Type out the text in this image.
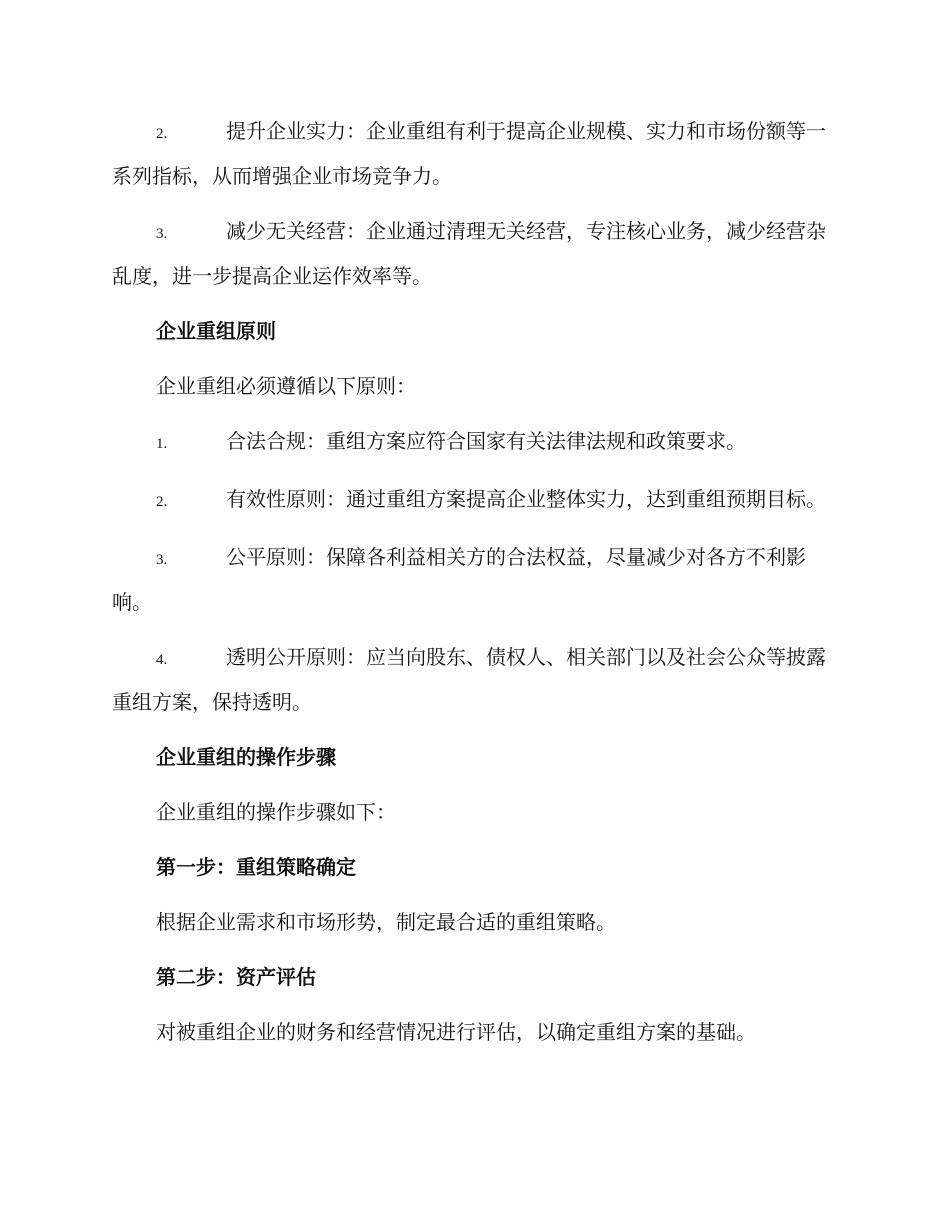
2.	提升企业实力：企业重组有利于提高企业规模、实力和市场份额等一系列指标，从而增强企业市场竞争力。
3.	减少无关经营：企业通过清理无关经营，专注核心业务，减少经营杂乱度，进一步提高企业运作效率等。
企业重组原则
企业重组必须遵循以下原则：
1.	合法合规：重组方案应符合国家有关法律法规和政策要求。
2.	有效性原则：通过重组方案提高企业整体实力，达到重组预期目标。
3.	公平原则：保障各利益相关方的合法权益，尽量减少对各方不利影响。
4.	透明公开原则：应当向股东、债权人、相关部门以及社会公众等披露重组方案，保持透明。
企业重组的操作步骤
企业重组的操作步骤如下：
第一步：重组策略确定
根据企业需求和市场形势，制定最合适的重组策略。
第二步：资产评估
对被重组企业的财务和经营情况进行评估，以确定重组方案的基础。
